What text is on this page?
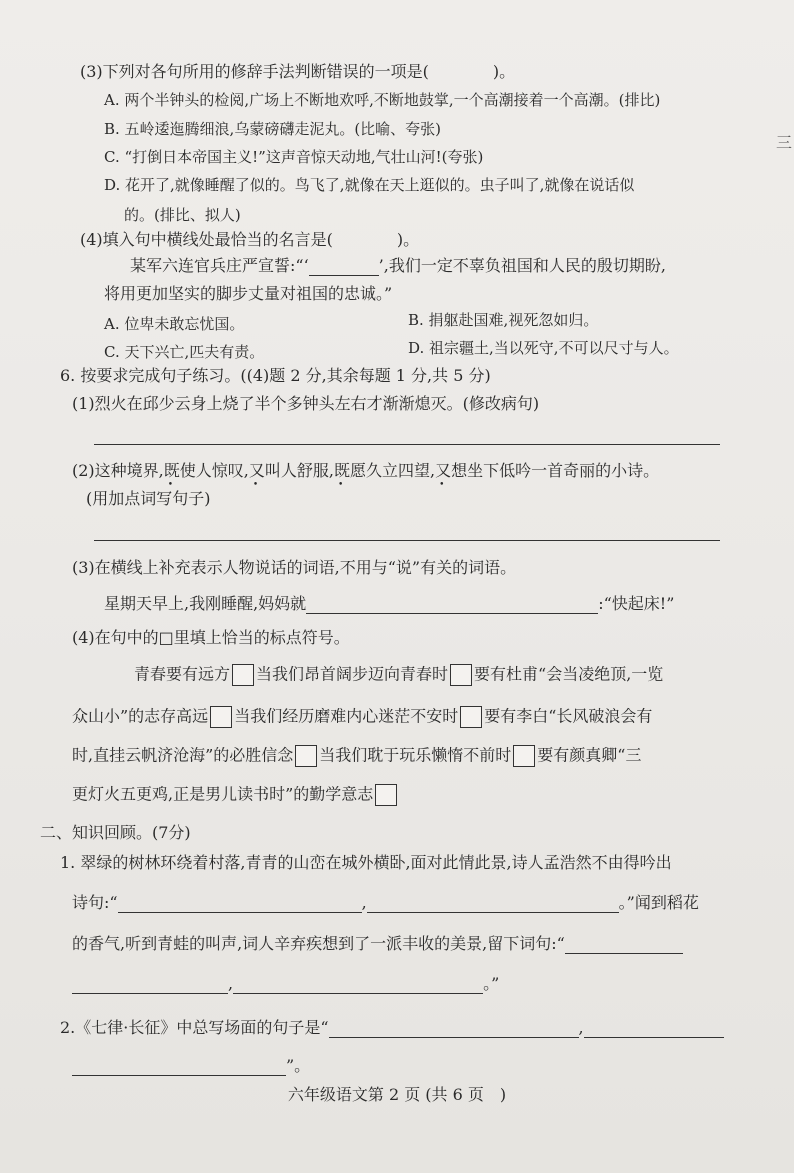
(3)下列对各句所用的修辞手法判断错误的一项是(　　　　)。
A. 两个半钟头的检阅,广场上不断地欢呼,不断地鼓掌,一个高潮接着一个高潮。(排比)
B. 五岭逶迤腾细浪,乌蒙磅礴走泥丸。(比喻、夸张)
C. “打倒日本帝国主义!”这声音惊天动地,气壮山河!(夸张)
D. 花开了,就像睡醒了似的。鸟飞了,就像在天上逛似的。虫子叫了,就像在说话似
的。(排比、拟人)
(4)填入句中横线处最恰当的名言是(　　　　)。
某军六连官兵庄严宣誓:“‘	’,我们一定不辜负祖国和人民的殷切期盼,
将用更加坚实的脚步丈量对祖国的忠诚。”
A. 位卑未敢忘忧国。	B. 捐躯赴国难,视死忽如归。
C. 天下兴亡,匹夫有责。	D. 祖宗疆土,当以死守,不可以尺寸与人。
6. 按要求完成句子练习。((4)题 2 分,其余每题 1 分,共 5 分)
(1)烈火在邱少云身上烧了半个多钟头左右才渐渐熄灭。(修改病句)
(2)这种境界,既使人惊叹,又叫人舒服,既愿久立四望,又想坐下低吟一首奇丽的小诗。
(用加点词写句子)
(3)在横线上补充表示人物说话的词语,不用与“说”有关的词语。
星期天早上,我刚睡醒,妈妈就	:“快起床!”
(4)在句中的□里填上恰当的标点符号。
青春要有远方 当我们昂首阔步迈向青春时 要有杜甫“会当凌绝顶,一览
众山小”的志存高远 当我们经历磨难内心迷茫不安时 要有李白“长风破浪会有
时,直挂云帆济沧海”的必胜信念 当我们耽于玩乐懒惰不前时 要有颜真卿“三
更灯火五更鸡,正是男儿读书时”的勤学意志
二、知识回顾。(7分)
1. 翠绿的树林环绕着村落,青青的山峦在城外横卧,面对此情此景,诗人孟浩然不由得吟出
诗句:“	,	。”闻到稻花
的香气,听到青蛙的叫声,词人辛弃疾想到了一派丰收的美景,留下词句:“
,	。”
2.《七律·长征》中总写场面的句子是“	,
”。
三
六年级语文第 2 页 (共 6 页　)
